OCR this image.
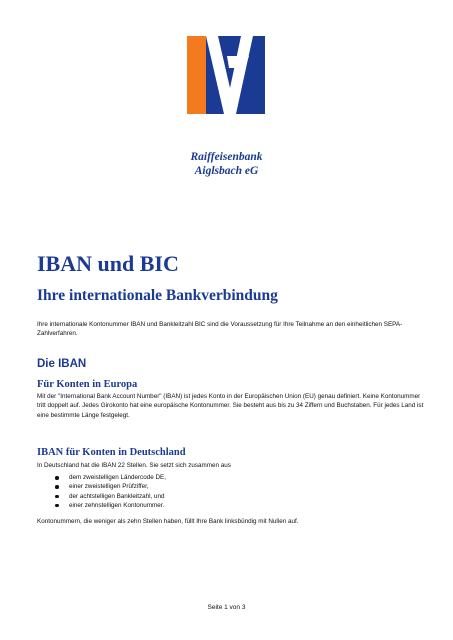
Raiffeisenbank
Aiglsbach eG
IBAN und BIC
Ihre internationale Bankverbindung

Ihre internationale Kontonummer IBAN und Bankleitzahl BIC sind die Voraussetzung für Ihre Teilnahme an den einheitlichen SEPA-Zahlverfahren.

Die IBAN
Für Konten in Europa

Mit der "International Bank Account Number" (IBAN) ist jedes Konto in der Europäischen Union (EU) genau definiert. Keine Kontonummer tritt doppelt auf. Jedes Girokonto hat eine europäische Kontonummer. Sie besteht aus bis zu 34 Ziffern und Buchstaben. Für jedes Land ist eine bestimmte Länge festgelegt.

IBAN für Konten in Deutschland

In Deutschland hat die IBAN 22 Stellen. Sie setzt sich zusammen aus

dem zweistelligen Ländercode DE,
einer zweistelligen Prüfziffer,
der achtstelligen Bankleitzahl, und
einer zehnstelligen Kontonummer.

Kontonummern, die weniger als zehn Stellen haben, füllt Ihre Bank linksbündig mit Nullen auf.

Seite 1 von 3
